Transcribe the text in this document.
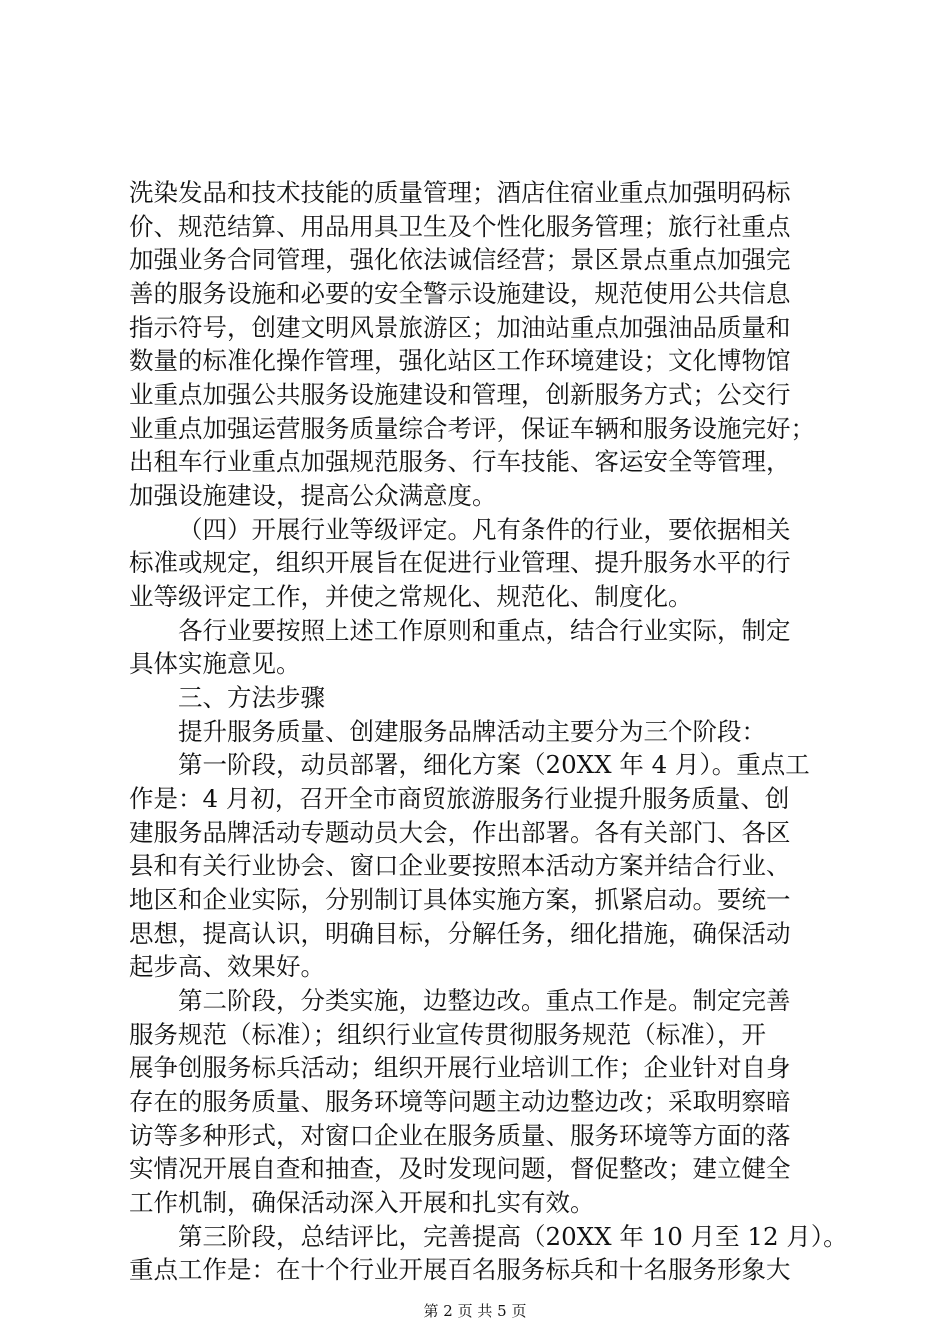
洗染发品和技术技能的质量管理；酒店住宿业重点加强明码标
价、规范结算、用品用具卫生及个性化服务管理；旅行社重点
加强业务合同管理，强化依法诚信经营；景区景点重点加强完
善的服务设施和必要的安全警示设施建设，规范使用公共信息
指示符号，创建文明风景旅游区；加油站重点加强油品质量和
数量的标准化操作管理，强化站区工作环境建设；文化博物馆
业重点加强公共服务设施建设和管理，创新服务方式；公交行
业重点加强运营服务质量综合考评，保证车辆和服务设施完好；
出租车行业重点加强规范服务、行车技能、客运安全等管理，
加强设施建设，提高公众满意度。
（四）开展行业等级评定。凡有条件的行业，要依据相关
标准或规定，组织开展旨在促进行业管理、提升服务水平的行
业等级评定工作，并使之常规化、规范化、制度化。
各行业要按照上述工作原则和重点，结合行业实际，制定
具体实施意见。
三、方法步骤
提升服务质量、创建服务品牌活动主要分为三个阶段：
第一阶段，动员部署，细化方案（20XX 年 4 月）。重点工
作是：4 月初，召开全市商贸旅游服务行业提升服务质量、创
建服务品牌活动专题动员大会，作出部署。各有关部门、各区
县和有关行业协会、窗口企业要按照本活动方案并结合行业、
地区和企业实际，分别制订具体实施方案，抓紧启动。要统一
思想，提高认识，明确目标，分解任务，细化措施，确保活动
起步高、效果好。
第二阶段，分类实施，边整边改。重点工作是。制定完善
服务规范（标准）；组织行业宣传贯彻服务规范（标准），开
展争创服务标兵活动；组织开展行业培训工作；企业针对自身
存在的服务质量、服务环境等问题主动边整边改；采取明察暗
访等多种形式，对窗口企业在服务质量、服务环境等方面的落
实情况开展自查和抽查，及时发现问题，督促整改；建立健全
工作机制，确保活动深入开展和扎实有效。
第三阶段，总结评比，完善提高（20XX 年 10 月至 12 月）。
重点工作是：在十个行业开展百名服务标兵和十名服务形象大
第 2 页 共 5 页
